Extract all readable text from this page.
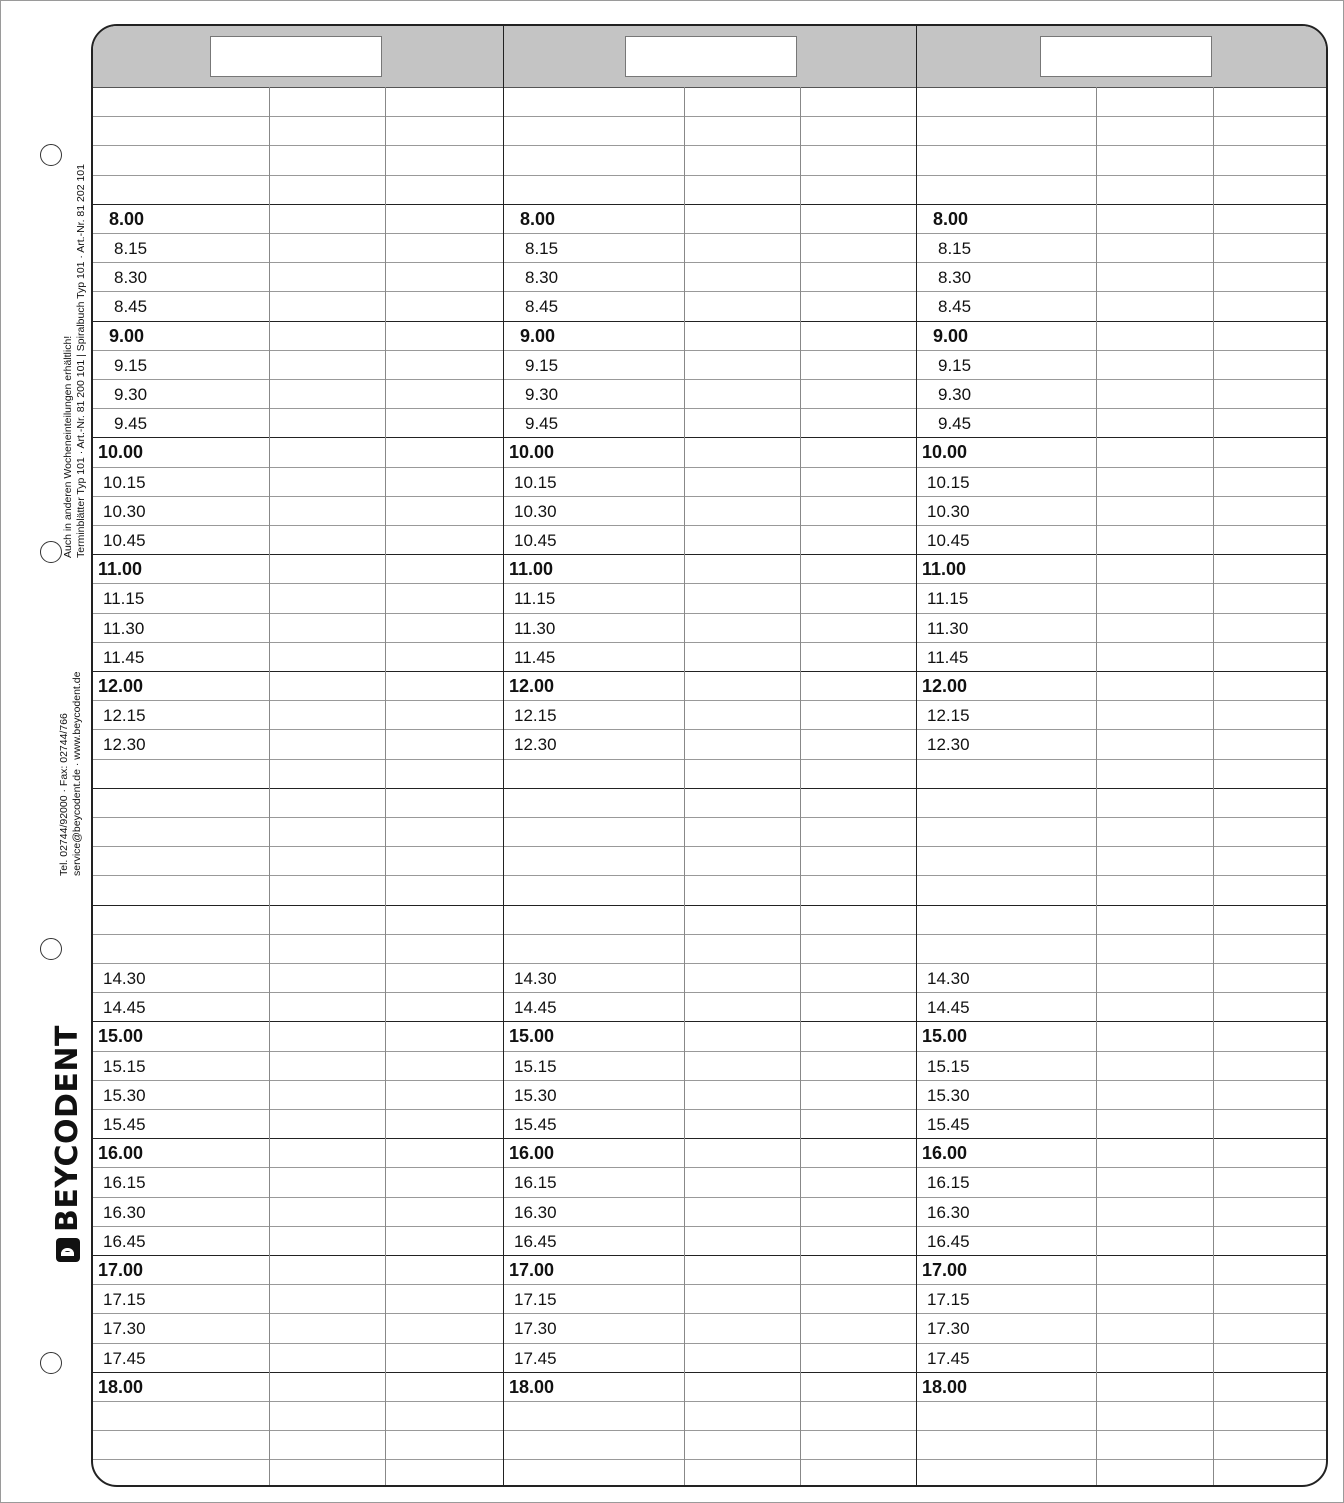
Auch in anderen Wocheneinteilungen erhältlich! Terminblätter Typ 101 · Art.-Nr. 81 200 101 | Spiralbuch Typ 101 · Art.-Nr. 81 202 101
Tel. 02744/92000 · Fax: 02744/766 service@beycodent.de · www.beycodent.de
BEYCODENT
8.00	8.00	8.00
8.15	8.15	8.15
8.30	8.30	8.30
8.45	8.45	8.45
9.00	9.00	9.00
9.15	9.15	9.15
9.30	9.30	9.30
9.45	9.45	9.45
10.00	10.00	10.00
10.15	10.15	10.15
10.30	10.30	10.30
10.45	10.45	10.45
11.00	11.00	11.00
11.15	11.15	11.15
11.30	11.30	11.30
11.45	11.45	11.45
12.00	12.00	12.00
12.15	12.15	12.15
12.30	12.30	12.30
14.30	14.30	14.30
14.45	14.45	14.45
15.00	15.00	15.00
15.15	15.15	15.15
15.30	15.30	15.30
15.45	15.45	15.45
16.00	16.00	16.00
16.15	16.15	16.15
16.30	16.30	16.30
16.45	16.45	16.45
17.00	17.00	17.00
17.15	17.15	17.15
17.30	17.30	17.30
17.45	17.45	17.45
18.00	18.00	18.00
